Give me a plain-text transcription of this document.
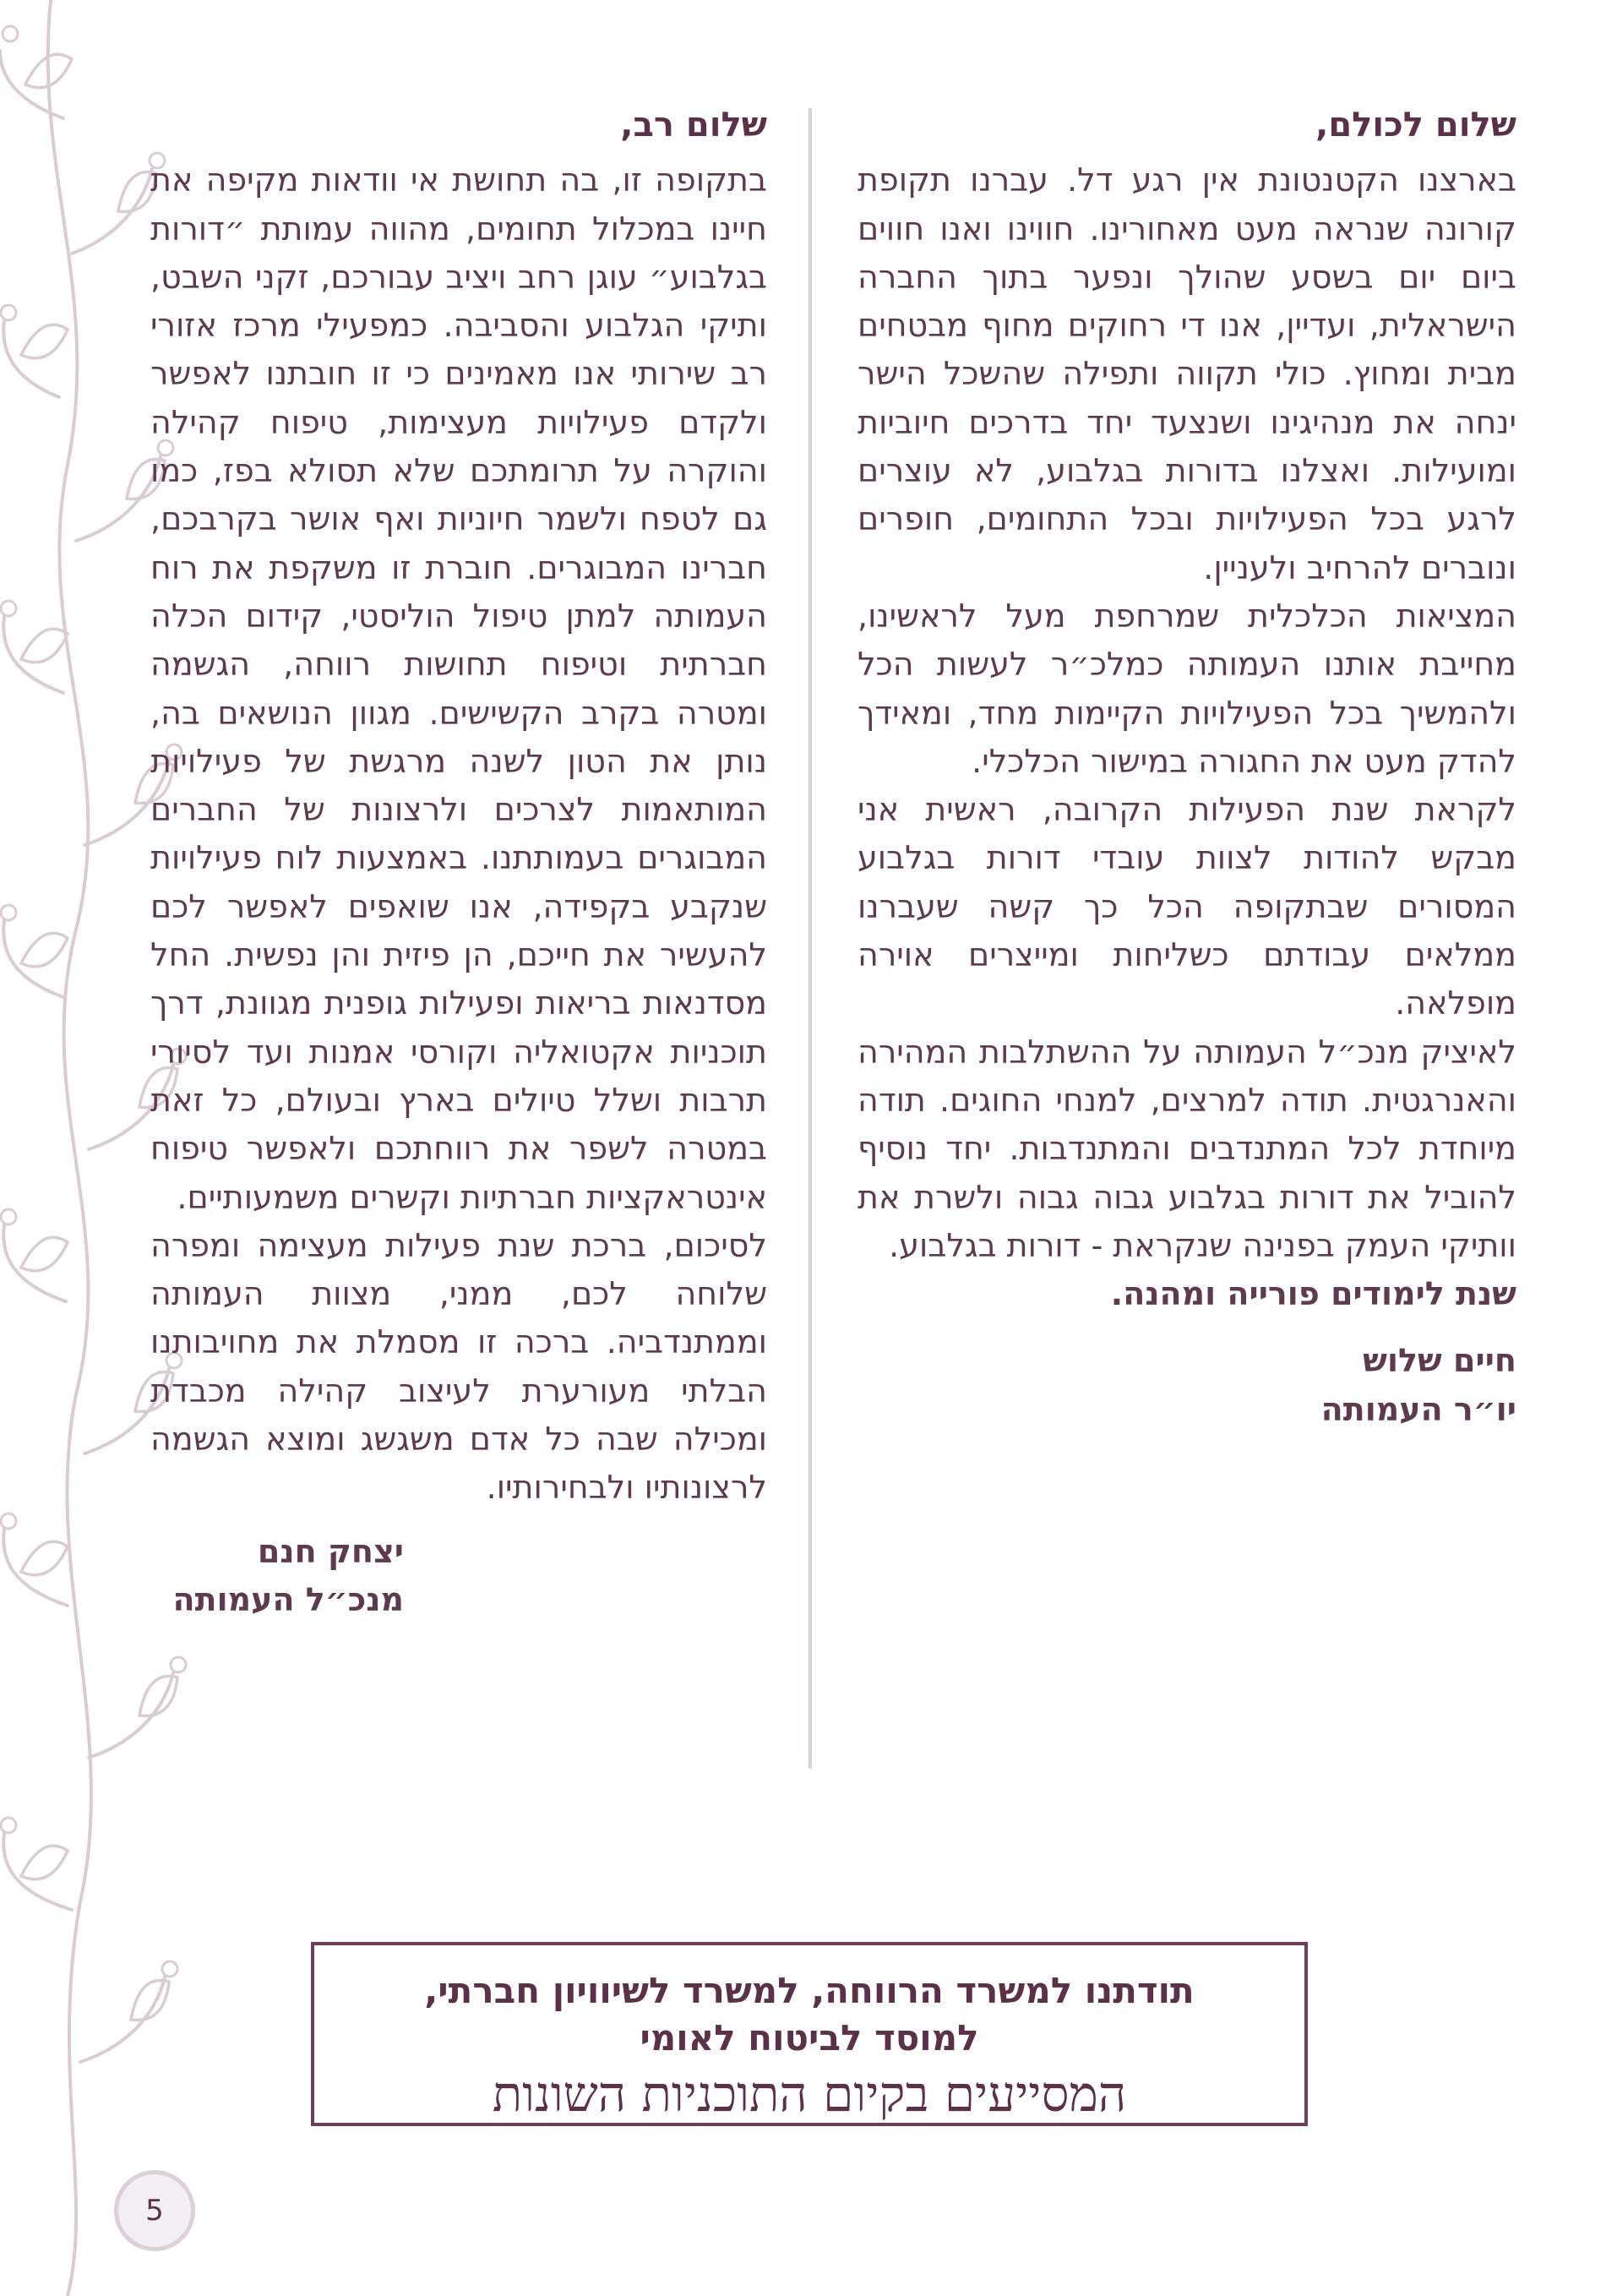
שלום לכולם,

בארצנו הקטנטונת אין רגע דל. עברנו תקופת קורונה שנראה מעט מאחורינו. חווינו ואנו חווים ביום יום בשסע שהולך ונפער בתוך החברה הישראלית, ועדיין, אנו די רחוקים מחוף מבטחים מבית ומחוץ. כולי תקווה ותפילה שהשכל הישר ינחה את מנהיגינו ושנצעד יחד בדרכים חיוביות ומועילות. ואצלנו בדורות בגלבוע, לא עוצרים לרגע בכל הפעילויות ובכל התחומים, חופרים ונוברים להרחיב ולעניין.

המציאות הכלכלית שמרחפת מעל לראשינו, מחייבת אותנו העמותה כמלכ״ר לעשות הכל ולהמשיך בכל הפעילויות הקיימות מחד, ומאידך להדק מעט את החגורה במישור הכלכלי.

לקראת שנת הפעילות הקרובה, ראשית אני מבקש להודות לצוות עובדי דורות בגלבוע המסורים שבתקופה הכל כך קשה שעברנו ממלאים עבודתם כשליחות ומייצרים אוירה מופלאה.

לאיציק מנכ״ל העמותה על ההשתלבות המהירה והאנרגטית. תודה למרצים, למנחי החוגים. תודה מיוחדת לכל המתנדבים והמתנדבות. יחד נוסיף להוביל את דורות בגלבוע גבוה גבוה ולשרת את וותיקי העמק בפנינה שנקראת - דורות בגלבוע.

שנת לימודים פורייה ומהנה.

חיים שלוש

יו״ר העמותה

שלום רב,

בתקופה זו, בה תחושת אי וודאות מקיפה את חיינו במכלול תחומים, מהווה עמותת ״דורות בגלבוע״ עוגן רחב ויציב עבורכם, זקני השבט, ותיקי הגלבוע והסביבה. כמפעילי מרכז אזורי רב שירותי אנו מאמינים כי זו חובתנו לאפשר ולקדם פעילויות מעצימות, טיפוח קהילה והוקרה על תרומתכם שלא תסולא בפז, כמו גם לטפח ולשמר חיוניות ואף אושר בקרבכם, חברינו המבוגרים. חוברת זו משקפת את רוח העמותה למתן טיפול הוליסטי, קידום הכלה חברתית וטיפוח תחושות רווחה, הגשמה ומטרה בקרב הקשישים. מגוון הנושאים בה, נותן את הטון לשנה מרגשת של פעילויות המותאמות לצרכים ולרצונות של החברים המבוגרים בעמותתנו. באמצעות לוח פעילויות שנקבע בקפידה, אנו שואפים לאפשר לכם להעשיר את חייכם, הן פיזית והן נפשית. החל מסדנאות בריאות ופעילות גופנית מגוונת, דרך תוכניות אקטואליה וקורסי אמנות ועד לסיורי תרבות ושלל טיולים בארץ ובעולם, כל זאת במטרה לשפר את רווחתכם ולאפשר טיפוח אינטראקציות חברתיות וקשרים משמעותיים.

לסיכום, ברכת שנת פעילות מעצימה ומפרה שלוחה לכם, ממני, מצוות העמותה וממתנדביה. ברכה זו מסמלת את מחויבותנו הבלתי מעורערת לעיצוב קהילה מכבדת ומכילה שבה כל אדם משגשג ומוצא הגשמה לרצונותיו ולבחירותיו.

יצחק חנם

מנכ״ל העמותה

תודתנו למשרד הרווחה, למשרד לשיוויון חברתי,
למוסד לביטוח לאומי
המסייעים בקיום התוכניות השונות
5
